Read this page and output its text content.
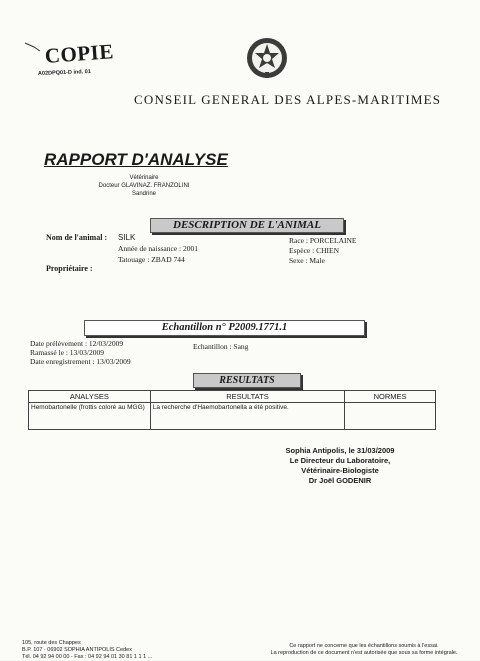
COPIE
A02DPQ01-D ind. 01
CONSEIL GENERAL DES ALPES-MARITIMES
RAPPORT D'ANALYSE
Vétérinaire
Docteur GLAVINAZ. FRANZOLINI
Sandrine
DESCRIPTION DE L'ANIMAL
Nom de l'animal : SILK
Année de naissance : 2001
Tatouage : ZBAD 744
Race : PORCELAINE
Espèce : CHIEN
Sexe : Male
Propriétaire :
Echantillon n° P2009.1771.1
Date prélèvement : 12/03/2009
Ramassé le : 13/03/2009
Date enregistrement : 13/03/2009
Echantillon : Sang
RESULTATS
ANALYSES	RESULTATS	NORMES
Hemobartonelle (frottis coloré au MGG)	La recherche d'Haemobartonella a été positive.	
Sophia Antipolis, le 31/03/2009
Le Directeur du Laboratoire,
Vétérinaire-Biologiste
Dr Joël GODENIR
105, route des Chappes
B.P. 107 · 06902 SOPHIA ANTIPOLIS Cedex
Tél. 04 92 94 00 00 - Fax : 04 92 94 01 30 81 1 1 1 ...
Ce rapport ne concerne que les échantillons soumis à l'essai.
La reproduction de ce document n'est autorisée que sous sa forme intégrale.
